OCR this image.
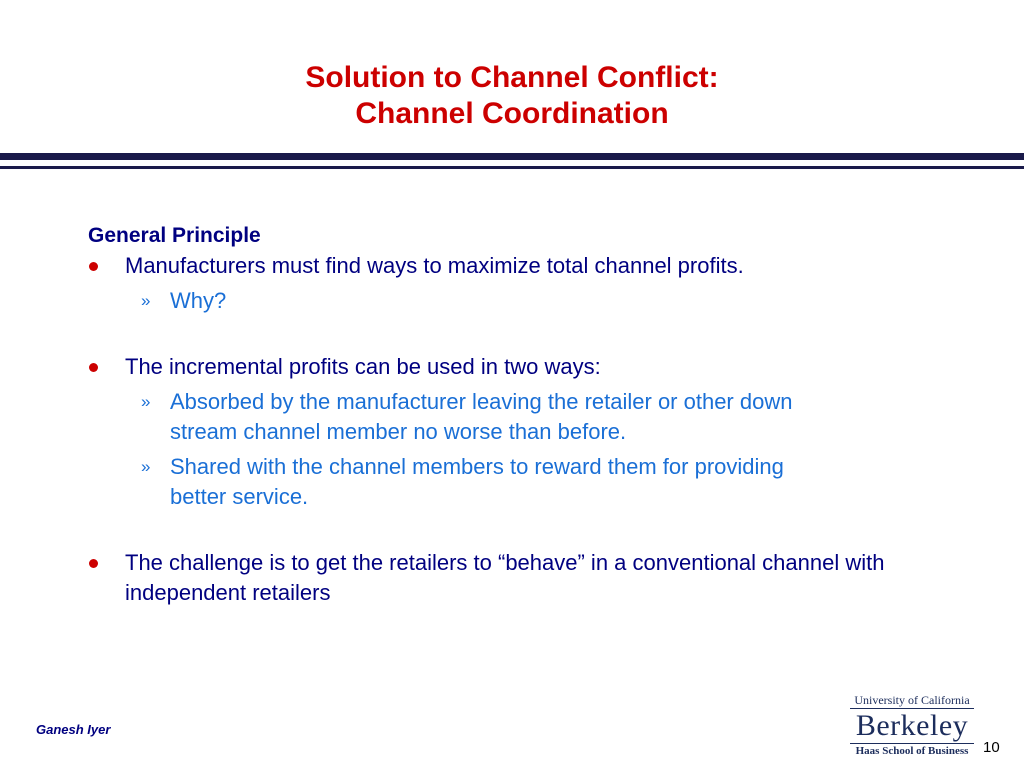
Solution to Channel Conflict:
Channel Coordination
General Principle
Manufacturers must find ways to maximize total channel profits.
» Why?
The incremental profits can be used in two ways:
» Absorbed by the manufacturer leaving the retailer or other down stream channel member no worse than before.
» Shared with the channel members to reward them for providing better service.
The challenge is to get the retailers to “behave” in a conventional channel with independent retailers
Ganesh Iyer
University of California
Berkeley
Haas School of Business 10
